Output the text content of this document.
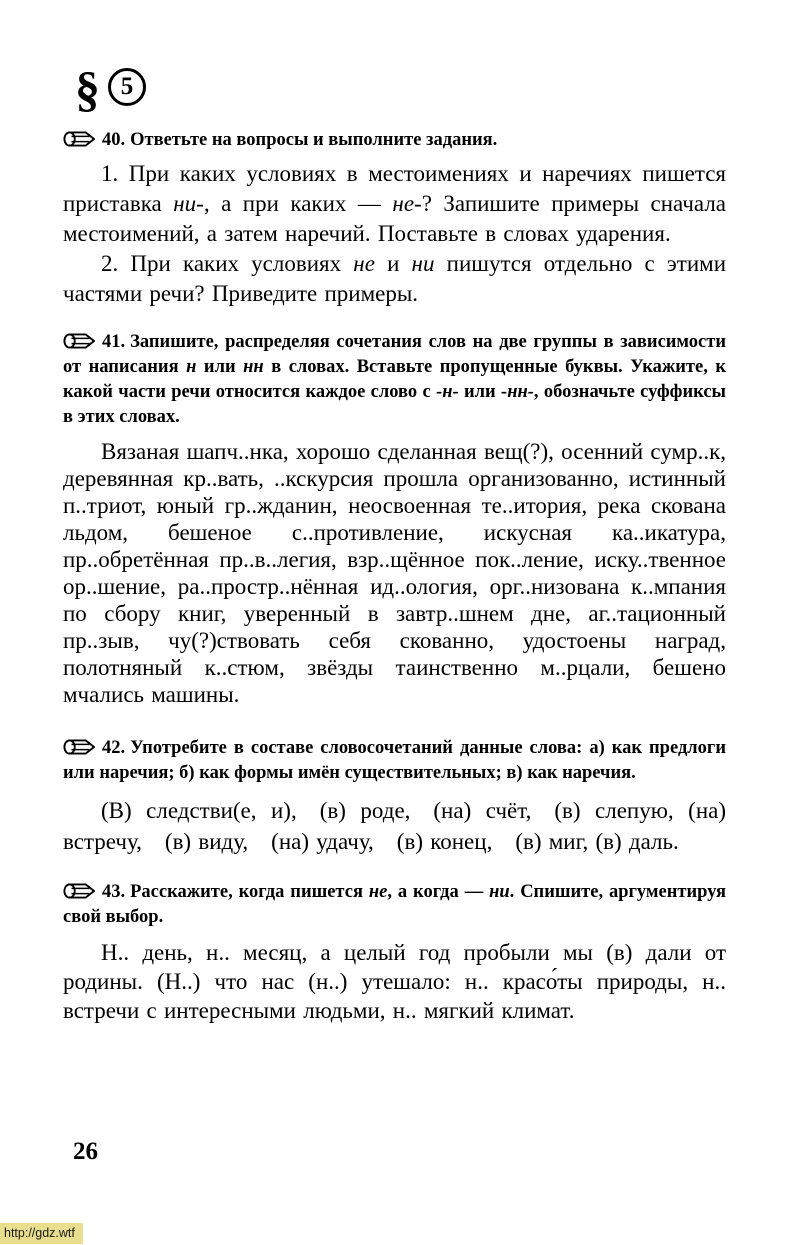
§ 5
40. Ответьте на вопросы и выполните задания.

1. При каких условиях в местоимениях и наречиях пишется приставка ни-, а при каких — не-? Запишите примеры сначала местоимений, а затем наречий. Поставьте в словах ударения.

2. При каких условиях не и ни пишутся отдельно с этими частями речи? Приведите примеры.

41. Запишите, распределяя сочетания слов на две группы в зависимости от написания н или нн в словах. Вставьте пропущенные буквы. Укажите, к какой части речи относится каждое слово с -н- или -нн-, обозначьте суффиксы в этих словах.

Вязаная шапч..нка, хорошо сделанная вещ(?), осенний сумр..к, деревянная кр..вать, ..кскурсия прошла организованно, истинный п..триот, юный гр..жданин, неосвоенная те..итория, река скована льдом, бешеное с..противление, искусная ка..икатура, пр..обретённая пр..в..легия, взр..щённое пок..ление, иску..твенное ор..шение, ра..простр..нённая ид..ология, орг..низована к..мпания по сбору книг, уверенный в завтр..шнем дне, аг..тационный пр..зыв, чу(?)ствовать себя скованно, удостоены наград, полотняный к..стюм, звёзды таинственно м..рцали, бешено мчались машины.

42. Употребите в составе словосочетаний данные слова: а) как предлоги или наречия; б) как формы имён существительных; в) как наречия.

(В) следстви(е, и),  (в) роде,  (на) счёт,  (в) слепую, (на) встречу,  (в) виду,  (на) удачу,  (в) конец,  (в) миг, (в) даль.

43. Расскажите, когда пишется не, а когда — ни. Спишите, аргументируя свой выбор.

Н.. день, н.. месяц, а целый год пробыли мы (в) дали от родины. (Н..) что нас (н..) утешало: н.. красо́ты природы, н.. встречи с интересными людьми, н.. мягкий климат.

26
http://gdz.wtf
